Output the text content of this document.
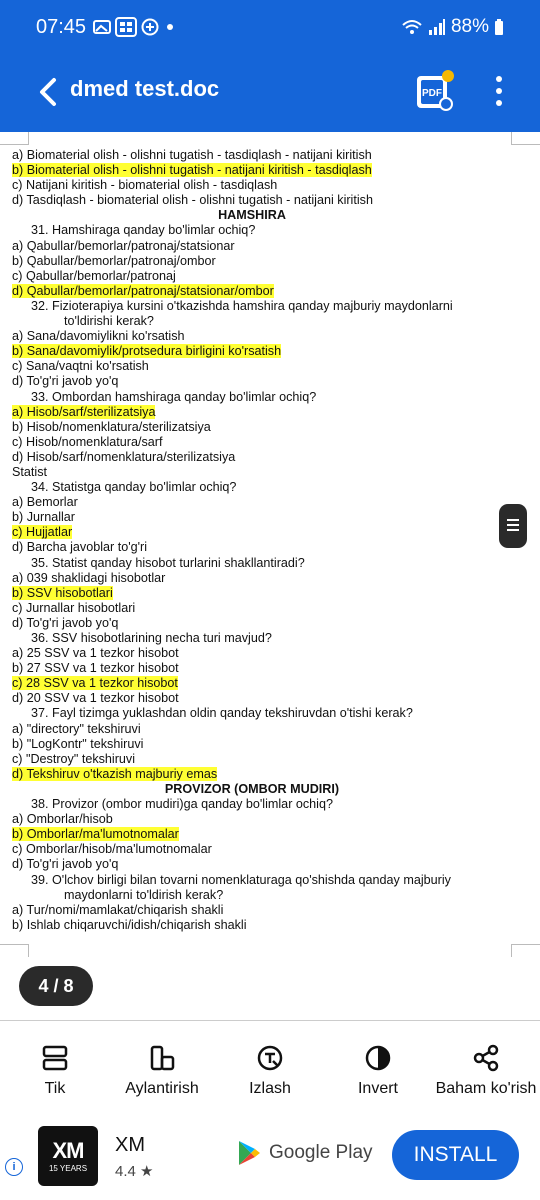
07:45	88%
dmed test.doc	PDF
a) Biomaterial olish - olishni tugatish - tasdiqlash - natijani kiritish
b) Biomaterial olish - olishni tugatish - natijani kiritish - tasdiqlash
c) Natijani kiritish - biomaterial olish - tasdiqlash
d) Tasdiqlash - biomaterial olish - olishni tugatish - natijani kiritish
HAMSHIRA
31. Hamshiraga qanday bo'limlar ochiq?
a) Qabullar/bemorlar/patronaj/statsionar
b) Qabullar/bemorlar/patronaj/ombor
c) Qabullar/bemorlar/patronaj
d) Qabullar/bemorlar/patronaj/statsionar/ombor
32. Fizioterapiya kursini o'tkazishda hamshira qanday majburiy maydonlarni
to'ldirishi kerak?
a) Sana/davomiylikni ko'rsatish
b) Sana/davomiylik/protsedura birligini ko'rsatish
c) Sana/vaqtni ko'rsatish
d) To'g'ri javob yo'q
33. Ombordan hamshiraga qanday bo'limlar ochiq?
a) Hisob/sarf/sterilizatsiya
b) Hisob/nomenklatura/sterilizatsiya
c) Hisob/nomenklatura/sarf
d) Hisob/sarf/nomenklatura/sterilizatsiya
Statist
34. Statistga qanday bo'limlar ochiq?
a) Bemorlar
b) Jurnallar
c) Hujjatlar
d) Barcha javoblar to'g'ri
35. Statist qanday hisobot turlarini shakllantiradi?
a) 039 shaklidagi hisobotlar
b) SSV hisobotlari
c) Jurnallar hisobotlari
d) To'g'ri javob yo'q
36. SSV hisobotlarining necha turi mavjud?
a) 25 SSV va 1 tezkor hisobot
b) 27 SSV va 1 tezkor hisobot
c) 28 SSV va 1 tezkor hisobot
d) 20 SSV va 1 tezkor hisobot
37. Fayl tizimga yuklashdan oldin qanday tekshiruvdan o'tishi kerak?
a) "directory" tekshiruvi
b) "LogKontr" tekshiruvi
c) "Destroy" tekshiruvi
d) Tekshiruv o'tkazish majburiy emas
PROVIZOR (OMBOR MUDIRI)
38. Provizor (ombor mudiri)ga qanday bo'limlar ochiq?
a) Omborlar/hisob
b) Omborlar/ma'lumotnomalar
c) Omborlar/hisob/ma'lumotnomalar
d) To'g'ri javob yo'q
39. O'lchov birligi bilan tovarni nomenklaturaga qo'shishda qanday majburiy
maydonlarni to'ldirish kerak?
a) Tur/nomi/mamlakat/chiqarish shakli
b) Ishlab chiqaruvchi/idish/chiqarish shakli
4 / 8
Tik	Aylantirish	Izlash	Invert	Baham ko'rish
i
XM
15 YEARS
XM
4.4 ★
Google Play	INSTALL
